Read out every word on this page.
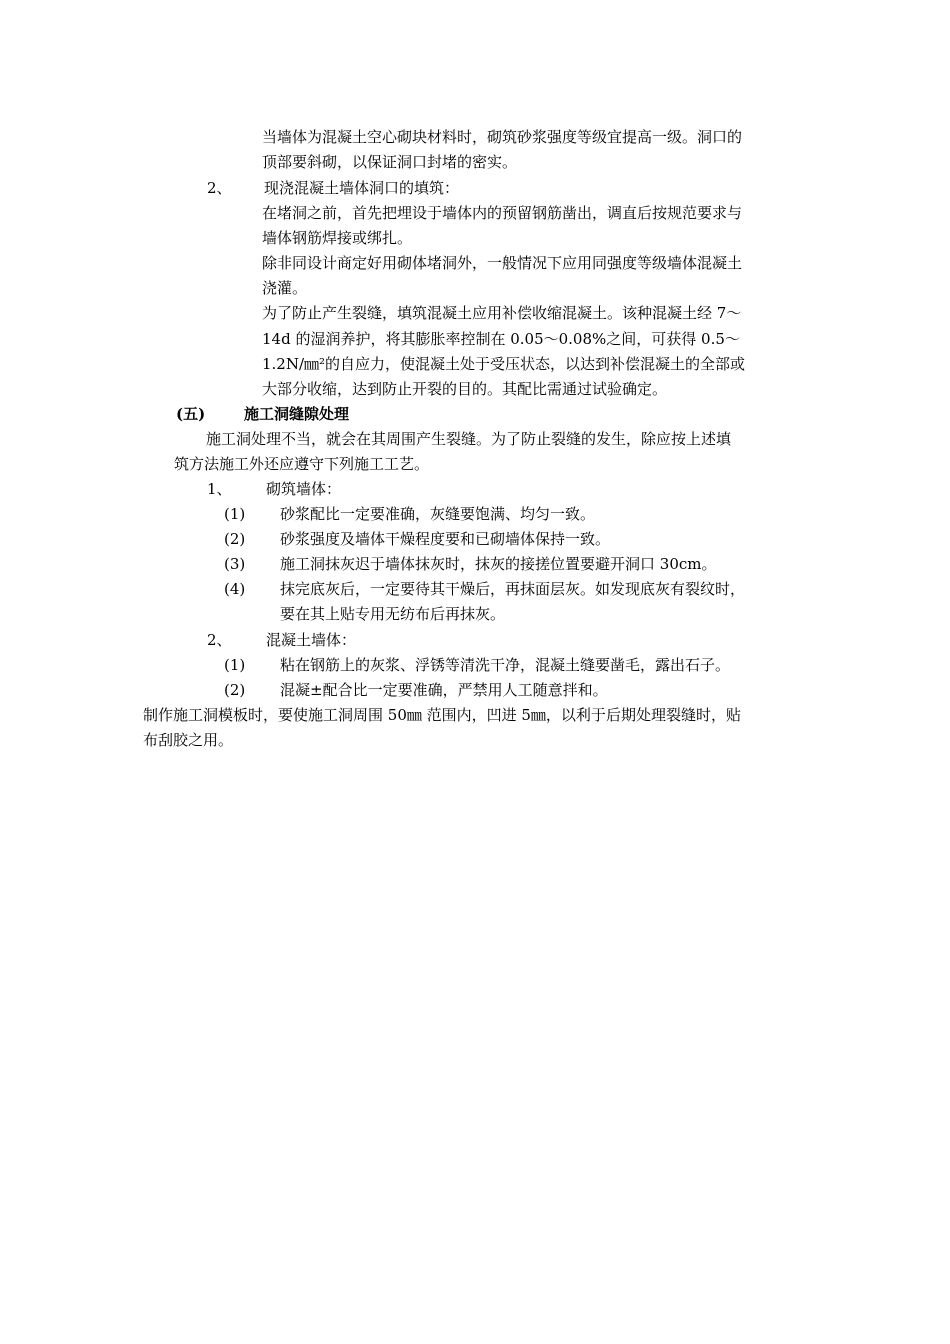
当墙体为混凝土空心砌块材料时，砌筑砂浆强度等级宜提高一级。洞口的
顶部要斜砌，以保证洞口封堵的密实。
2、 现浇混凝土墙体洞口的填筑：
在堵洞之前，首先把埋设于墙体内的预留钢筋凿出，调直后按规范要求与
墙体钢筋焊接或绑扎。
除非同设计商定好用砌体堵洞外，一般情况下应用同强度等级墙体混凝土
浇灌。
为了防止产生裂缝，填筑混凝土应用补偿收缩混凝土。该种混凝土经 7～
14d 的湿润养护，将其膨胀率控制在 0.05～0.08%之间，可获得 0.5～
1.2N/㎜²的自应力，使混凝土处于受压状态，以达到补偿混凝土的全部或
大部分收缩，达到防止开裂的目的。其配比需通过试验确定。
(五)	施工洞缝隙处理
施工洞处理不当，就会在其周围产生裂缝。为了防止裂缝的发生，除应按上述填
筑方法施工外还应遵守下列施工工艺。
1、 砌筑墙体：
(1) 砂浆配比一定要准确，灰缝要饱满、均匀一致。
(2) 砂浆强度及墙体干燥程度要和已砌墙体保持一致。
(3) 施工洞抹灰迟于墙体抹灰时，抹灰的接搓位置要避开洞口 30cm。
(4) 抹完底灰后，一定要待其干燥后，再抹面层灰。如发现底灰有裂纹时，
要在其上贴专用无纺布后再抹灰。
2、 混凝土墙体：
(1) 粘在钢筋上的灰浆、浮锈等清洗干净，混凝土缝要凿毛，露出石子。
(2) 混凝±配合比一定要准确，严禁用人工随意拌和。
制作施工洞模板时，要使施工洞周围 50㎜ 范围内，凹进 5㎜，以利于后期处理裂缝时，贴
布刮胶之用。
